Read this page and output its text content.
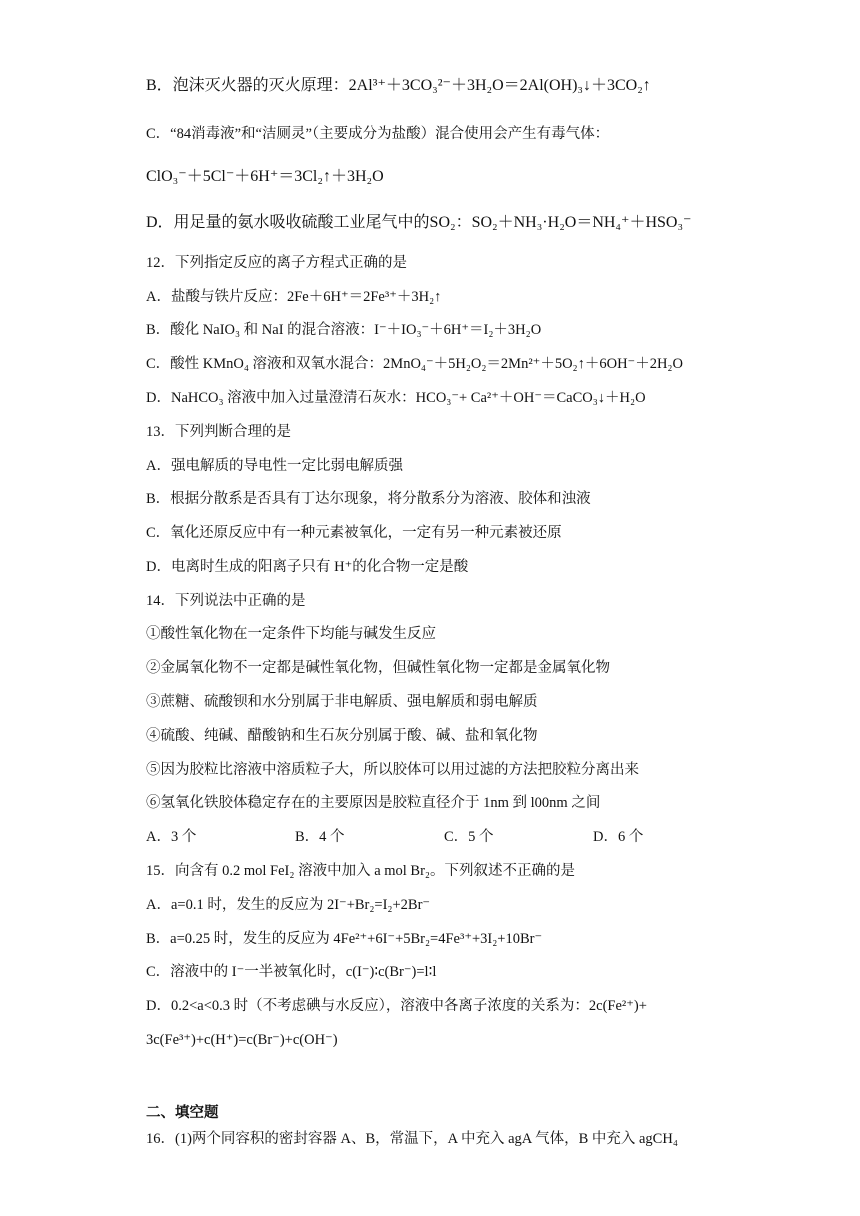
B．泡沫灭火器的灭火原理：2Al³⁺＋3CO₃²⁻＋3H₂O＝2Al(OH)₃↓＋3CO₂↑
C．“84消毒液”和“洁厕灵”（主要成分为盐酸）混合使用会产生有毒气体：
ClO₃⁻＋5Cl⁻＋6H⁺＝3Cl₂↑＋3H₂O
D．用足量的氨水吸收硫酸工业尾气中的SO₂：SO₂＋NH₃·H₂O＝NH₄⁺＋HSO₃⁻
12．下列指定反应的离子方程式正确的是
A．盐酸与铁片反应：2Fe＋6H⁺＝2Fe³⁺＋3H₂↑
B．酸化 NaIO₃ 和 NaI 的混合溶液：I⁻＋IO₃⁻＋6H⁺＝I₂＋3H₂O
C．酸性 KMnO₄ 溶液和双氧水混合：2MnO₄⁻＋5H₂O₂＝2Mn²⁺＋5O₂↑＋6OH⁻＋2H₂O
D．NaHCO₃ 溶液中加入过量澄清石灰水：HCO₃⁻+ Ca²⁺＋OH⁻＝CaCO₃↓＋H₂O
13．下列判断合理的是
A．强电解质的导电性一定比弱电解质强
B．根据分散系是否具有丁达尔现象，将分散系分为溶液、胶体和浊液
C．氧化还原反应中有一种元素被氧化，一定有另一种元素被还原
D．电离时生成的阳离子只有 H⁺的化合物一定是酸
14．下列说法中正确的是
①酸性氧化物在一定条件下均能与碱发生反应
②金属氧化物不一定都是碱性氧化物，但碱性氧化物一定都是金属氧化物
③蔗糖、硫酸钡和水分别属于非电解质、强电解质和弱电解质
④硫酸、纯碱、醋酸钠和生石灰分别属于酸、碱、盐和氧化物
⑤因为胶粒比溶液中溶质粒子大，所以胶体可以用过滤的方法把胶粒分离出来
⑥氢氧化铁胶体稳定存在的主要原因是胶粒直径介于 1nm 到 l00nm 之间
A．3 个	B．4 个	C．5 个	D．6 个
15．向含有 0.2 mol FeI₂ 溶液中加入 a mol Br₂。下列叙述不正确的是
A．a=0.1 时，发生的反应为 2I⁻+Br₂=I₂+2Br⁻
B．a=0.25 时，发生的反应为 4Fe²⁺+6I⁻+5Br₂=4Fe³⁺+3I₂+10Br⁻
C．溶液中的 I⁻一半被氧化时，c(I⁻)∶c(Br⁻)=l∶l
D．0.2<a<0.3 时（不考虑碘与水反应），溶液中各离子浓度的关系为：2c(Fe²⁺)+
3c(Fe³⁺)+c(H⁺)=c(Br⁻)+c(OH⁻)
二、填空题
16．(1)两个同容积的密封容器 A、B，常温下，A 中充入 agA 气体，B 中充入 agCH₄
